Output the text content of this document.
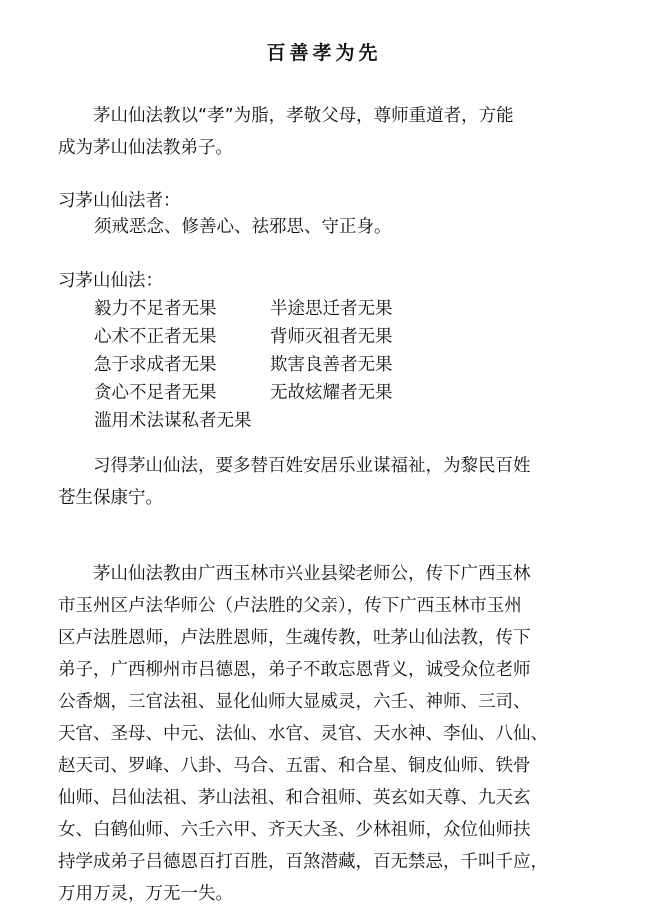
百善孝为先
茅山仙法教以“孝”为脂，孝敬父母，尊师重道者，方能
成为茅山仙法教弟子。
习茅山仙法者：
须戒恶念、修善心、祛邪思、守正身。
习茅山仙法：
毅力不足者无果	半途思迁者无果
心术不正者无果	背师灭祖者无果
急于求成者无果	欺害良善者无果
贪心不足者无果	无故炫耀者无果
滥用术法谋私者无果
习得茅山仙法，要多替百姓安居乐业谋福祉，为黎民百姓
苍生保康宁。
茅山仙法教由广西玉林市兴业县梁老师公，传下广西玉林
市玉州区卢法华师公（卢法胜的父亲），传下广西玉林市玉州
区卢法胜恩师，卢法胜恩师，生魂传教，吐茅山仙法教，传下
弟子，广西柳州市吕德恩，弟子不敢忘恩背义，诚受众位老师
公香烟，三官法祖、显化仙师大显威灵，六壬、神师、三司、
天官、圣母、中元、法仙、水官、灵官、天水神、李仙、八仙、
赵天司、罗峰、八卦、马合、五雷、和合星、铜皮仙师、铁骨
仙师、吕仙法祖、茅山法祖、和合祖师、英玄如天尊、九天玄
女、白鹤仙师、六壬六甲、齐天大圣、少林祖师，众位仙师扶
持学成弟子吕德恩百打百胜，百煞潜藏，百无禁忌，千叫千应，
万用万灵，万无一失。
